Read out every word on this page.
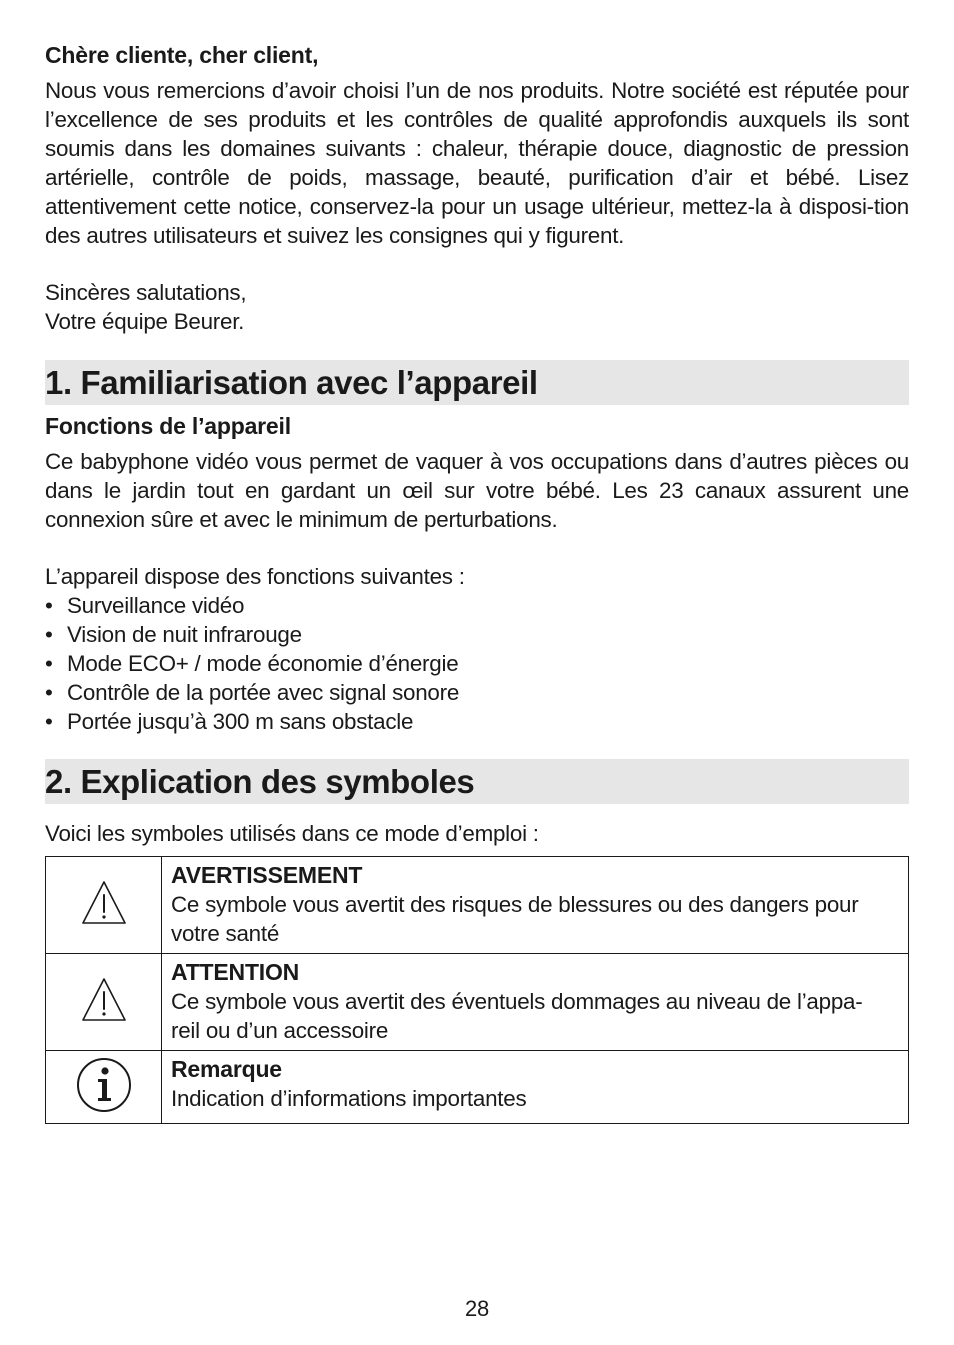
Chère cliente, cher client,

Nous vous remercions d’avoir choisi l’un de nos produits. Notre société est réputée pour l’excellence de ses produits et les contrôles de qualité approfondis auxquels ils sont soumis dans les domaines suivants : chaleur, thérapie douce, diagnostic de pression artérielle, contrôle de poids, massage, beauté, purification d’air et bébé. Lisez attentivement cette notice, conservez-la pour un usage ultérieur, mettez-la à disposi-tion des autres utilisateurs et suivez les consignes qui y figurent.

Sincères salutations,
Votre équipe Beurer.
1. Familiarisation avec l’appareil
Fonctions de l’appareil

Ce babyphone vidéo vous permet de vaquer à vos occupations dans d’autres pièces ou dans le jardin tout en gardant un œil sur votre bébé. Les 23 canaux assurent une connexion sûre et avec le minimum de perturbations.

L’appareil dispose des fonctions suivantes :
• Surveillance vidéo
• Vision de nuit infrarouge
• Mode ECO+ / mode économie d’énergie
• Contrôle de la portée avec signal sonore
• Portée jusqu’à 300 m sans obstacle
2. Explication des symboles
Voici les symboles utilisés dans ce mode d’emploi :

AVERTISSEMENT
Ce symbole vous avertit des risques de blessures ou des dangers pour
votre santé

ATTENTION
Ce symbole vous avertit des éventuels dommages au niveau de l’appa-
reil ou d’un accessoire

Remarque
Indication d’informations importantes
28
